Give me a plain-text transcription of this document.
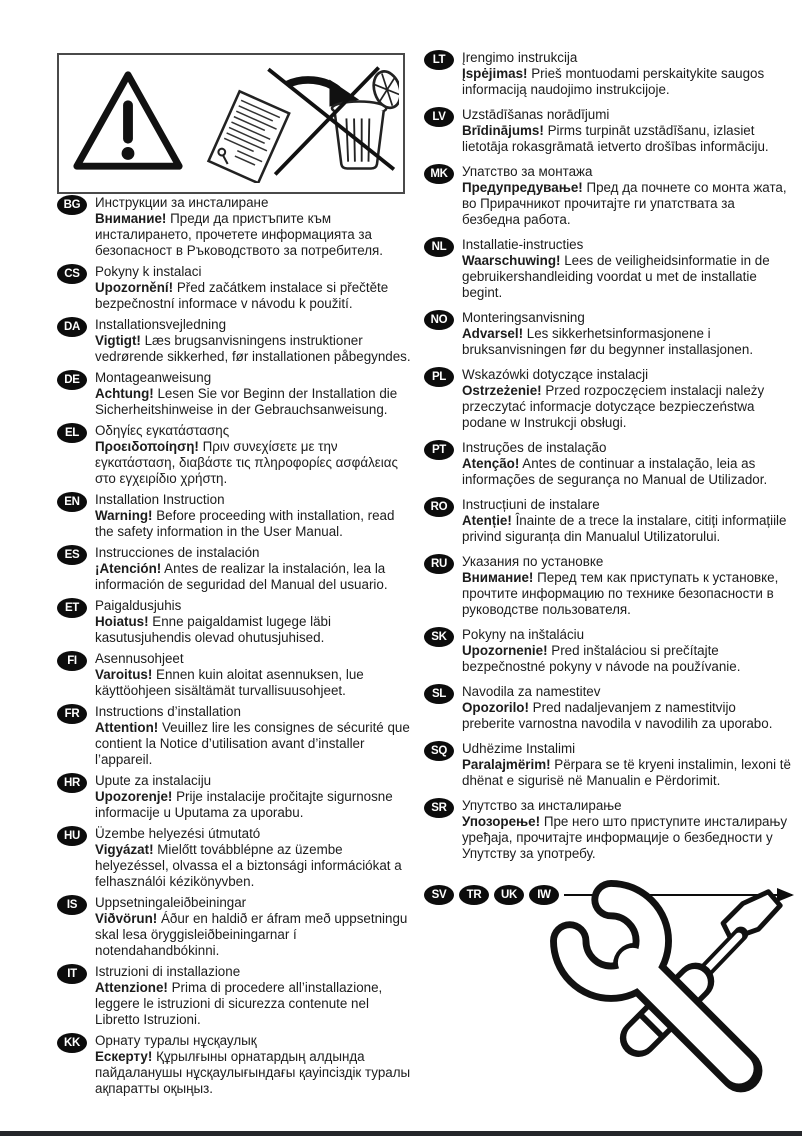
BG	Инструкции за инсталиране
Внимание! Преди да пристъпите към инсталирането, прочетете информацията за безопасност в Ръководството за потребителя.
CS	Pokyny k instalaci
Upozornění! Před začátkem instalace si přečtěte bezpečnostní informace v návodu k použití.
DA	Installationsvejledning
Vigtigt! Læs brugsanvisningens instruktioner vedrørende sikkerhed, før installationen påbegyndes.
DE	Montageanweisung
Achtung! Lesen Sie vor Beginn der Installation die Sicherheitshinweise in der Gebrauchsanweisung.
EL	Οδηγίες εγκατάστασης
Προειδοποίηση! Πριν συνεχίσετε με την εγκατάσταση, διαβάστε τις πληροφορίες ασφάλειας στο εγχειρίδιο χρήστη.
EN	Installation Instruction
Warning! Before proceeding with installation, read the safety information in the User Manual.
ES	Instrucciones de instalación
¡Atención! Antes de realizar la instalación, lea la información de seguridad del Manual del usuario.
ET	Paigaldusjuhis
Hoiatus! Enne paigaldamist lugege läbi kasutusjuhendis olevad ohutusjuhised.
FI	Asennusohjeet
Varoitus! Ennen kuin aloitat asennuksen, lue käyttöohjeen sisältämät turvallisuusohjeet.
FR	Instructions d’installation
Attention! Veuillez lire les consignes de sécurité que contient la Notice d’utilisation avant d’installer l’appareil.
HR	Upute za instalaciju
Upozorenje! Prije instalacije pročitajte sigurnosne informacije u Uputama za uporabu.
HU	Üzembe helyezési útmutató
Vigyázat! Mielőtt továbblépne az üzembe helyezéssel, olvassa el a biztonsági információkat a felhasználói kézikönyvben.
IS	Uppsetningaleiðbeiningar
Viðvörun! Áður en haldið er áfram með uppsetningu skal lesa öryggisleiðbeiningarnar í notendahandbókinni.
IT	Istruzioni di installazione
Attenzione! Prima di procedere all’installazione, leggere le istruzioni di sicurezza contenute nel Libretto Istruzioni.
KK	Орнату туралы нұсқаулық
Ескерту! Құрылғыны орнатардың алдында пайдаланушы нұсқаулығындағы қауіпсіздік туралы ақпаратты оқыңыз.
LT	Įrengimo instrukcija
Įspėjimas! Prieš montuodami perskaitykite saugos informaciją naudojimo instrukcijoje.
LV	Uzstādīšanas norādījumi
Brīdinājums! Pirms turpināt uzstādīšanu, izlasiet lietotāja rokasgrāmatā ietverto drošības informāciju.
MK	Упатство за монтажа
Предупредување! Пред да почнете со монта жата, во Прирачникот прочитајте ги упатствата за безбедна работа.
NL	Installatie-instructies
Waarschuwing! Lees de veiligheidsinformatie in de gebruikershandleiding voordat u met de installatie begint.
NO	Monteringsanvisning
Advarsel! Les sikkerhetsinformasjonene i bruksanvisningen før du begynner installasjonen.
PL	Wskazówki dotyczące instalacji
Ostrzeżenie! Przed rozpoczęciem instalacji należy przeczytać informacje dotyczące bezpieczeństwa podane w Instrukcji obsługi.
PT	Instruções de instalação
Atenção! Antes de continuar a instalação, leia as informações de segurança no Manual de Utilizador.
RO	Instrucțiuni de instalare
Atenție! Înainte de a trece la instalare, citiți informațiile privind siguranța din Manualul Utilizatorului.
RU	Указания по установке
Внимание! Перед тем как приступать к установке, прочтите информацию по технике безопасности в руководстве пользователя.
SK	Pokyny na inštaláciu
Upozornenie! Pred inštaláciou si prečítajte bezpečnostné pokyny v návode na používanie.
SL	Navodila za namestitev
Opozorilo! Pred nadaljevanjem z namestitvijo preberite varnostna navodila v navodilih za uporabo.
SQ	Udhëzime Instalimi
Paralajmërim! Përpara se të kryeni instalimin, lexoni të dhënat e sigurisë në Manualin e Përdorimit.
SR	Упутство за инсталирање
Упозорење! Пре него што приступите инсталирању уређаја, прочитајте информације о безбедности у Упутству за употребу.
SV	TR	UK	IW
